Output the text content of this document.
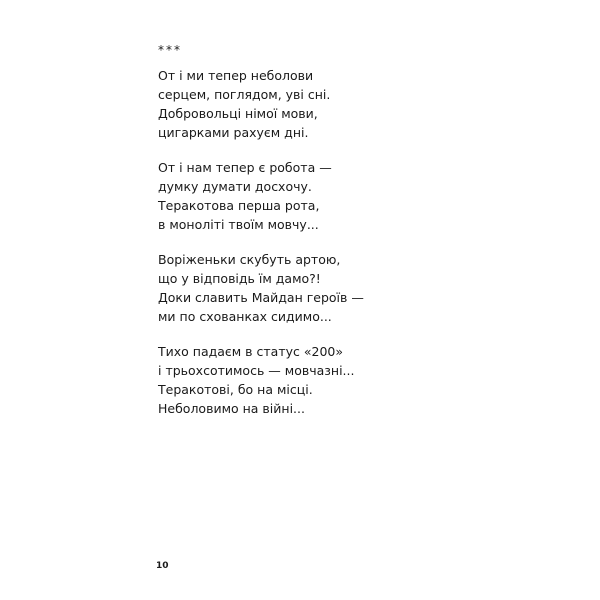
***
От і ми тепер неболови
серцем, поглядом, уві сні.
Добровольці німої мови,
цигарками рахуєм дні.
От і нам тепер є робота —
думку думати досхочу.
Теракотова перша рота,
в моноліті твоїм мовчу...
Воріженьки скубуть артою,
що у відповідь їм дамо?!
Доки славить Майдан героїв —
ми по схованках сидимо...
Тихо падаєм в статус «200»
і трьохсотимось — мовчазні...
Теракотові, бо на місці.
Неболовимо на війні...
10
